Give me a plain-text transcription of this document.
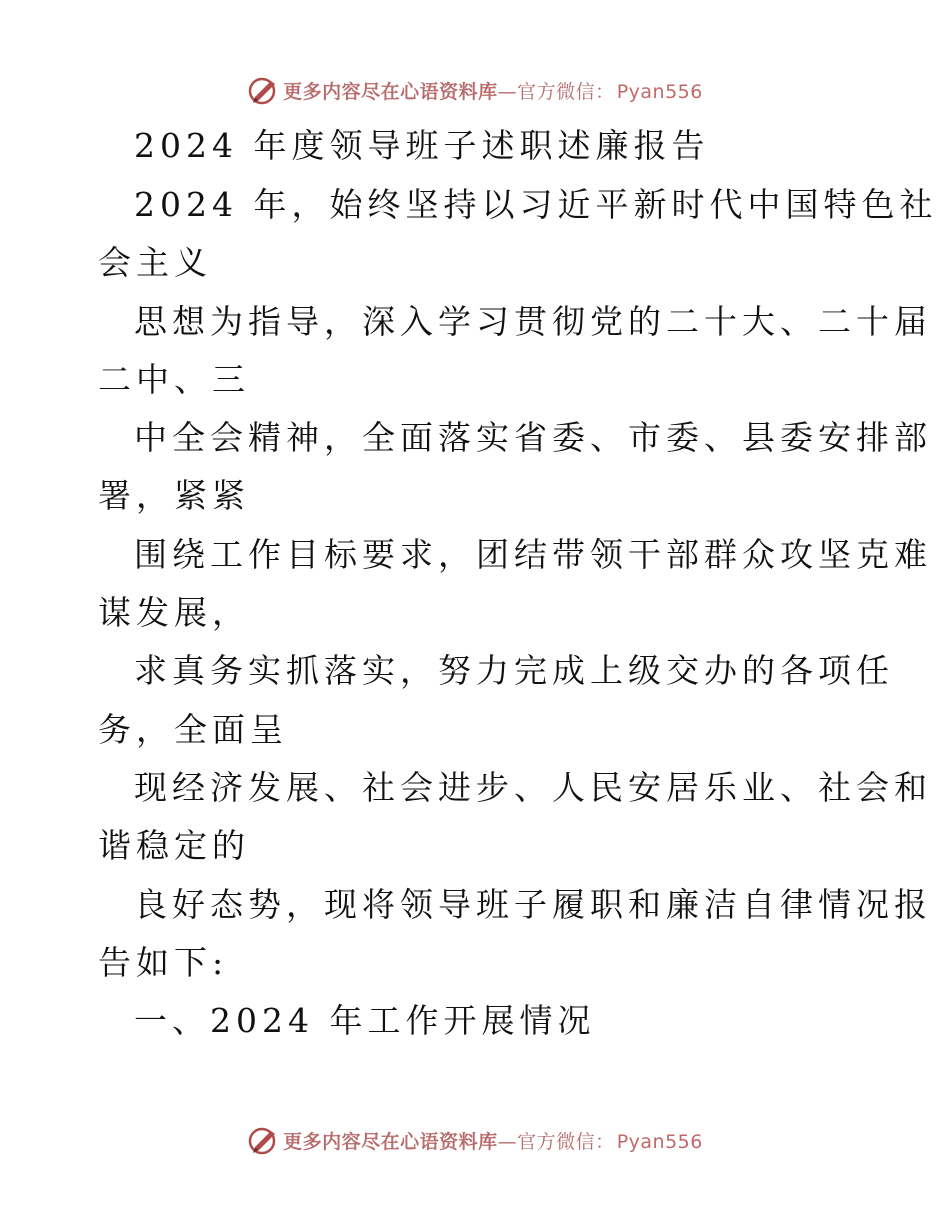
更多内容尽在心语资料库—官方微信： Pyan556
2024 年度领导班子述职述廉报告
2024 年，始终坚持以习近平新时代中国特色社
会主义
思想为指导，深入学习贯彻党的二十大、二十届
二中、三
中全会精神，全面落实省委、市委、县委安排部
署，紧紧
围绕工作目标要求，团结带领干部群众攻坚克难
谋发展，
求真务实抓落实，努力完成上级交办的各项任
务，全面呈
现经济发展、社会进步、人民安居乐业、社会和
谐稳定的
良好态势，现将领导班子履职和廉洁自律情况报
告如下:
一、2024 年工作开展情况
更多内容尽在心语资料库—官方微信： Pyan556
